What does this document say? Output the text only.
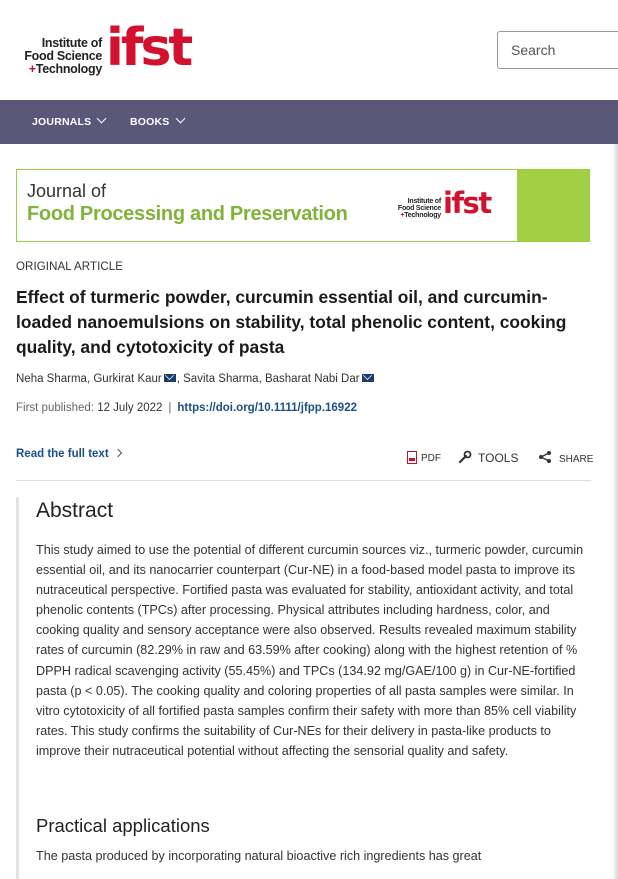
Institute of
Food Science
+Technology ifst	Search
JOURNALS	BOOKS
Journal of
Food Processing and Preservation
Institute of
Food Science
+Technology ifst
ORIGINAL ARTICLE
Effect of turmeric powder, curcumin essential oil, and curcumin-loaded nanoemulsions on stability, total phenolic content, cooking quality, and cytotoxicity of pasta
Neha Sharma, Gurkirat Kaur , Savita Sharma, Basharat Nabi Dar
First published: 12 July 2022 | https://doi.org/10.1111/jfpp.16922
Read the full text	PDF	TOOLS	SHARE
Abstract

This study aimed to use the potential of different curcumin sources viz., turmeric powder, curcumin essential oil, and its nanocarrier counterpart (Cur-NE) in a food-based model pasta to improve its nutraceutical perspective. Fortified pasta was evaluated for stability, antioxidant activity, and total phenolic contents (TPCs) after processing. Physical attributes including hardness, color, and cooking quality and sensory acceptance were also observed. Results revealed maximum stability rates of curcumin (82.29% in raw and 63.59% after cooking) along with the highest retention of % DPPH radical scavenging activity (55.45%) and TPCs (134.92 mg/GAE/100 g) in Cur-NE-fortified pasta (p < 0.05). The cooking quality and coloring properties of all pasta samples were similar. In vitro cytotoxicity of all fortified pasta samples confirm their safety with more than 85% cell viability rates. This study confirms the suitability of Cur-NEs for their delivery in pasta-like products to improve their nutraceutical potential without affecting the sensorial quality and safety.

Practical applications

The pasta produced by incorporating natural bioactive rich ingredients has great
